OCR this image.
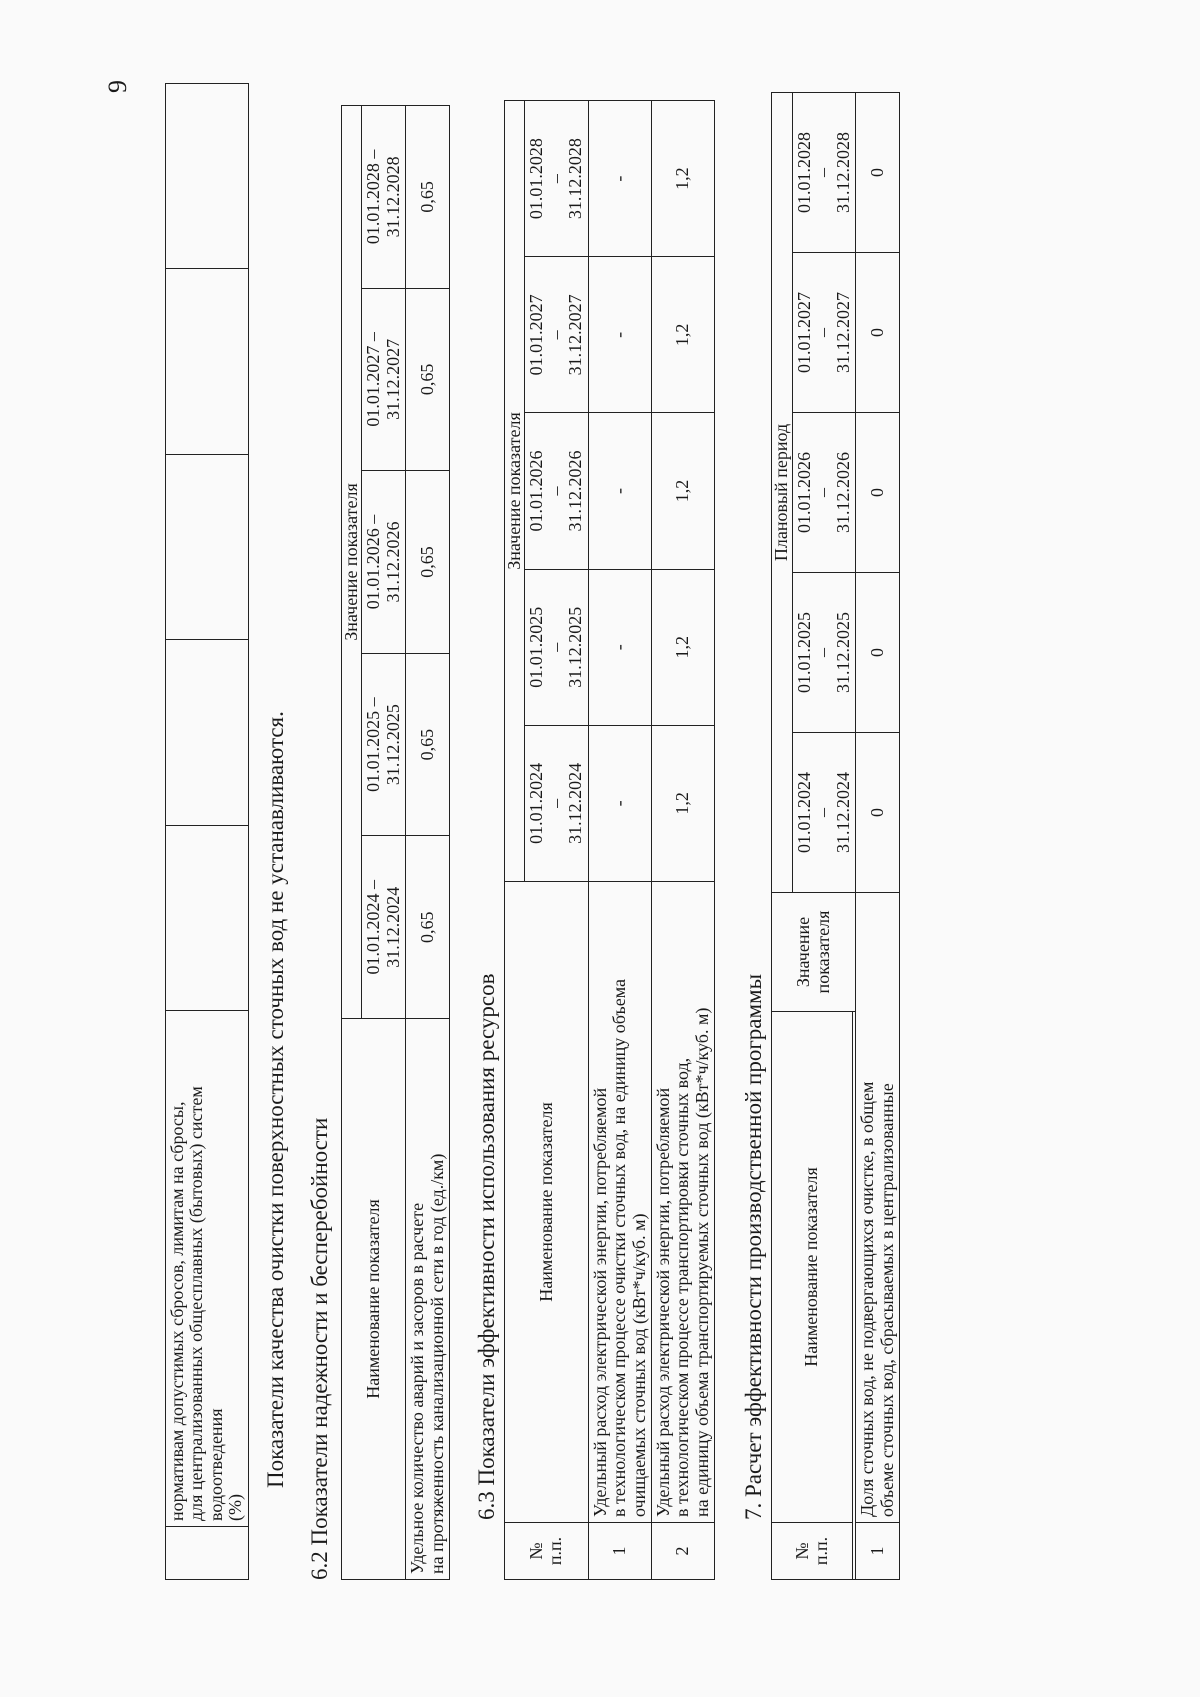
9

нормативам допустимых сбросов, лимитам на сбросы, для централизованных общесплавных (бытовых) систем водоотведения (%)

Показатели качества очистки поверхностных сточных вод не устанавливаются. 6.2 Показатели надежности и бесперебойности Наименование показателя	Значение показателя				
	01.01.2024 – 31.12.2024	01.01.2025 – 31.12.2025	01.01.2026 – 31.12.2026	01.01.2027 – 31.12.2027	01.01.2028 – 31.12.2028

Удельное количество аварий и засоров в расчете на протяженность канализационной сети в год (ед./км)	0,65	0,65	0,65	0,65	0,65

6.3 Показатели эффективности использования ресурсов

№ п.п.	Наименование показателя	Значение показателя				

		01.01.2024 – 31.12.2024	01.01.2025 – 31.12.2025	01.01.2026 – 31.12.2026	01.01.2027 – 31.12.2027	01.01.2028 – 31.12.2028

1	Удельный расход электрической энергии, потребляемой в технологическом процессе очистки сточных вод, на единицу объема очищаемых сточных вод (кВт*ч/куб. м)	-	-	-	-	-
2	Удельный расход электрической энергии, потребляемой в технологическом процессе транспортировки сточных вод, на единицу объема транспортируемых сточных вод (кВт*ч/куб. м)	1,2	1,2	1,2	1,2	1,2

7. Расчет эффективности производственной программы

№ п.п.	Наименование показателя	Значение показателя	Плановый период				

			01.01.2024 – 31.12.2024	01.01.2025 – 31.12.2025	01.01.2026 – 31.12.2026	01.01.2027 – 31.12.2027	01.01.2028 – 31.12.2028

1	Доля сточных вод, не подвергающихся очистке, в общем объеме сточных вод, сбрасываемых в централизованные		0	0	0	0	0
